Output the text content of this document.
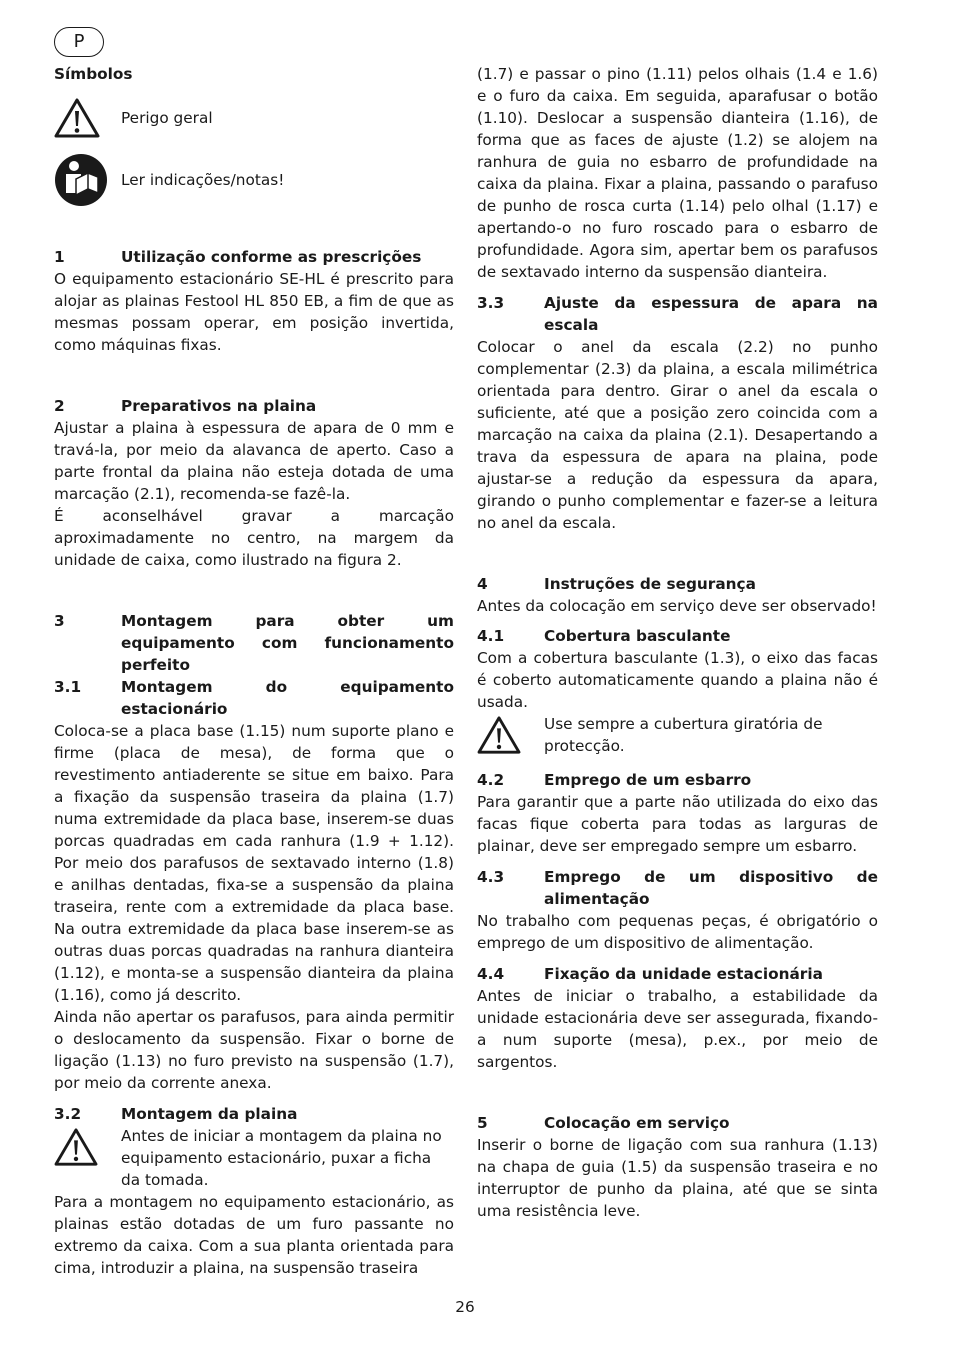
P

Símbolos

Perigo geral
Ler indicações/notas!
1	Utilização conforme as prescrições

O equipamento estacionário SE-HL é prescrito para alojar as plainas Festool HL 850 EB, a fim de que as mesmas possam operar, em posição invertida, como máquinas fixas.

2	Preparativos na plaina

Ajustar a plaina à espessura de apara de 0 mm e travá-la, por meio da alavanca de aperto. Caso a parte frontal da plaina não esteja dotada de uma marcação (2.1), recomenda-se fazê-la.

É aconselhável gravar a marcação aproximadamente no centro, na margem da unidade de caixa, como ilustrado na figura 2.

3	Montagem para obter um equipamento com funcionamento perfeito
3.1	Montagem do equipamento estacionário

Coloca-se a placa base (1.15) num suporte plano e firme (placa de mesa), de forma que o revestimento antiaderente se situe em baixo. Para a fixação da suspensão traseira da plaina (1.7) numa extremidade da placa base, inserem-se duas porcas quadradas em cada ranhura (1.9 + 1.12). Por meio dos parafusos de sextavado interno (1.8) e anilhas dentadas, fixa-se a suspensão da plaina traseira, rente com a extremidade da placa base. Na outra extremidade da placa base inserem-se as outras duas porcas quadradas na ranhura dianteira (1.12), e monta-se a suspensão dianteira da plaina (1.16), como já descrito.

Ainda não apertar os parafusos, para ainda permitir o deslocamento da suspensão. Fixar o borne de ligação (1.13) no furo previsto na suspensão (1.7), por meio da corrente anexa.

3.2	Montagem da plaina

Antes de iniciar a montagem da plaina no equipamento estacionário, puxar a ficha da tomada.

Para a montagem no equipamento estacionário, as plainas estão dotadas de um furo passante no extremo da caixa. Com a sua planta orientada para cima, introduzir a plaina, na suspensão traseira

(1.7) e passar o pino (1.11) pelos olhais (1.4 e 1.6) e o furo da caixa. Em seguida, aparafusar o botão (1.10). Deslocar a suspensão dianteira (1.16), de forma que as faces de ajuste (1.2) se alojem na ranhura de guia no esbarro de profundidade na caixa da plaina. Fixar a plaina, passando o parafuso de punho de rosca curta (1.14) pelo olhal (1.17) e apertando-o no furo roscado para o esbarro de profundidade. Agora sim, apertar bem os parafusos de sextavado interno da suspensão dianteira.

3.3	Ajuste da espessura de apara na escala

Colocar o anel da escala (2.2) no punho complementar (2.3) da plaina, a escala milimétrica orientada para dentro. Girar o anel da escala o suficiente, até que a posição zero coincida com a marcação na caixa da plaina (2.1). Desapertando a trava da espessura de apara na plaina, pode ajustar-se a redução da espessura da apara, girando o punho complementar e fazer-se a leitura no anel da escala.

4	Instruções de segurança

Antes da colocação em serviço deve ser observado!

4.1	Cobertura basculante

Com a cobertura basculante (1.3), o eixo das facas é coberto automaticamente quando a plaina não é usada.

Use sempre a cubertura giratória de protecção.

4.2	Emprego de um esbarro

Para garantir que a parte não utilizada do eixo das facas fique coberta para todas as larguras de plainar, deve ser empregado sempre um esbarro.

4.3	Emprego de um dispositivo de alimentação

No trabalho com pequenas peças, é obrigatório o emprego de um dispositivo de alimentação.

4.4	Fixação da unidade estacionária

Antes de iniciar o trabalho, a estabilidade da unidade estacionária deve ser assegurada, fixando-a num suporte (mesa), p.ex., por meio de sargentos.

5	Colocação em serviço

Inserir o borne de ligação com sua ranhura (1.13) na chapa de guia (1.5) da suspensão traseira e no interruptor de punho da plaina, até que se sinta uma resistência leve.

26
